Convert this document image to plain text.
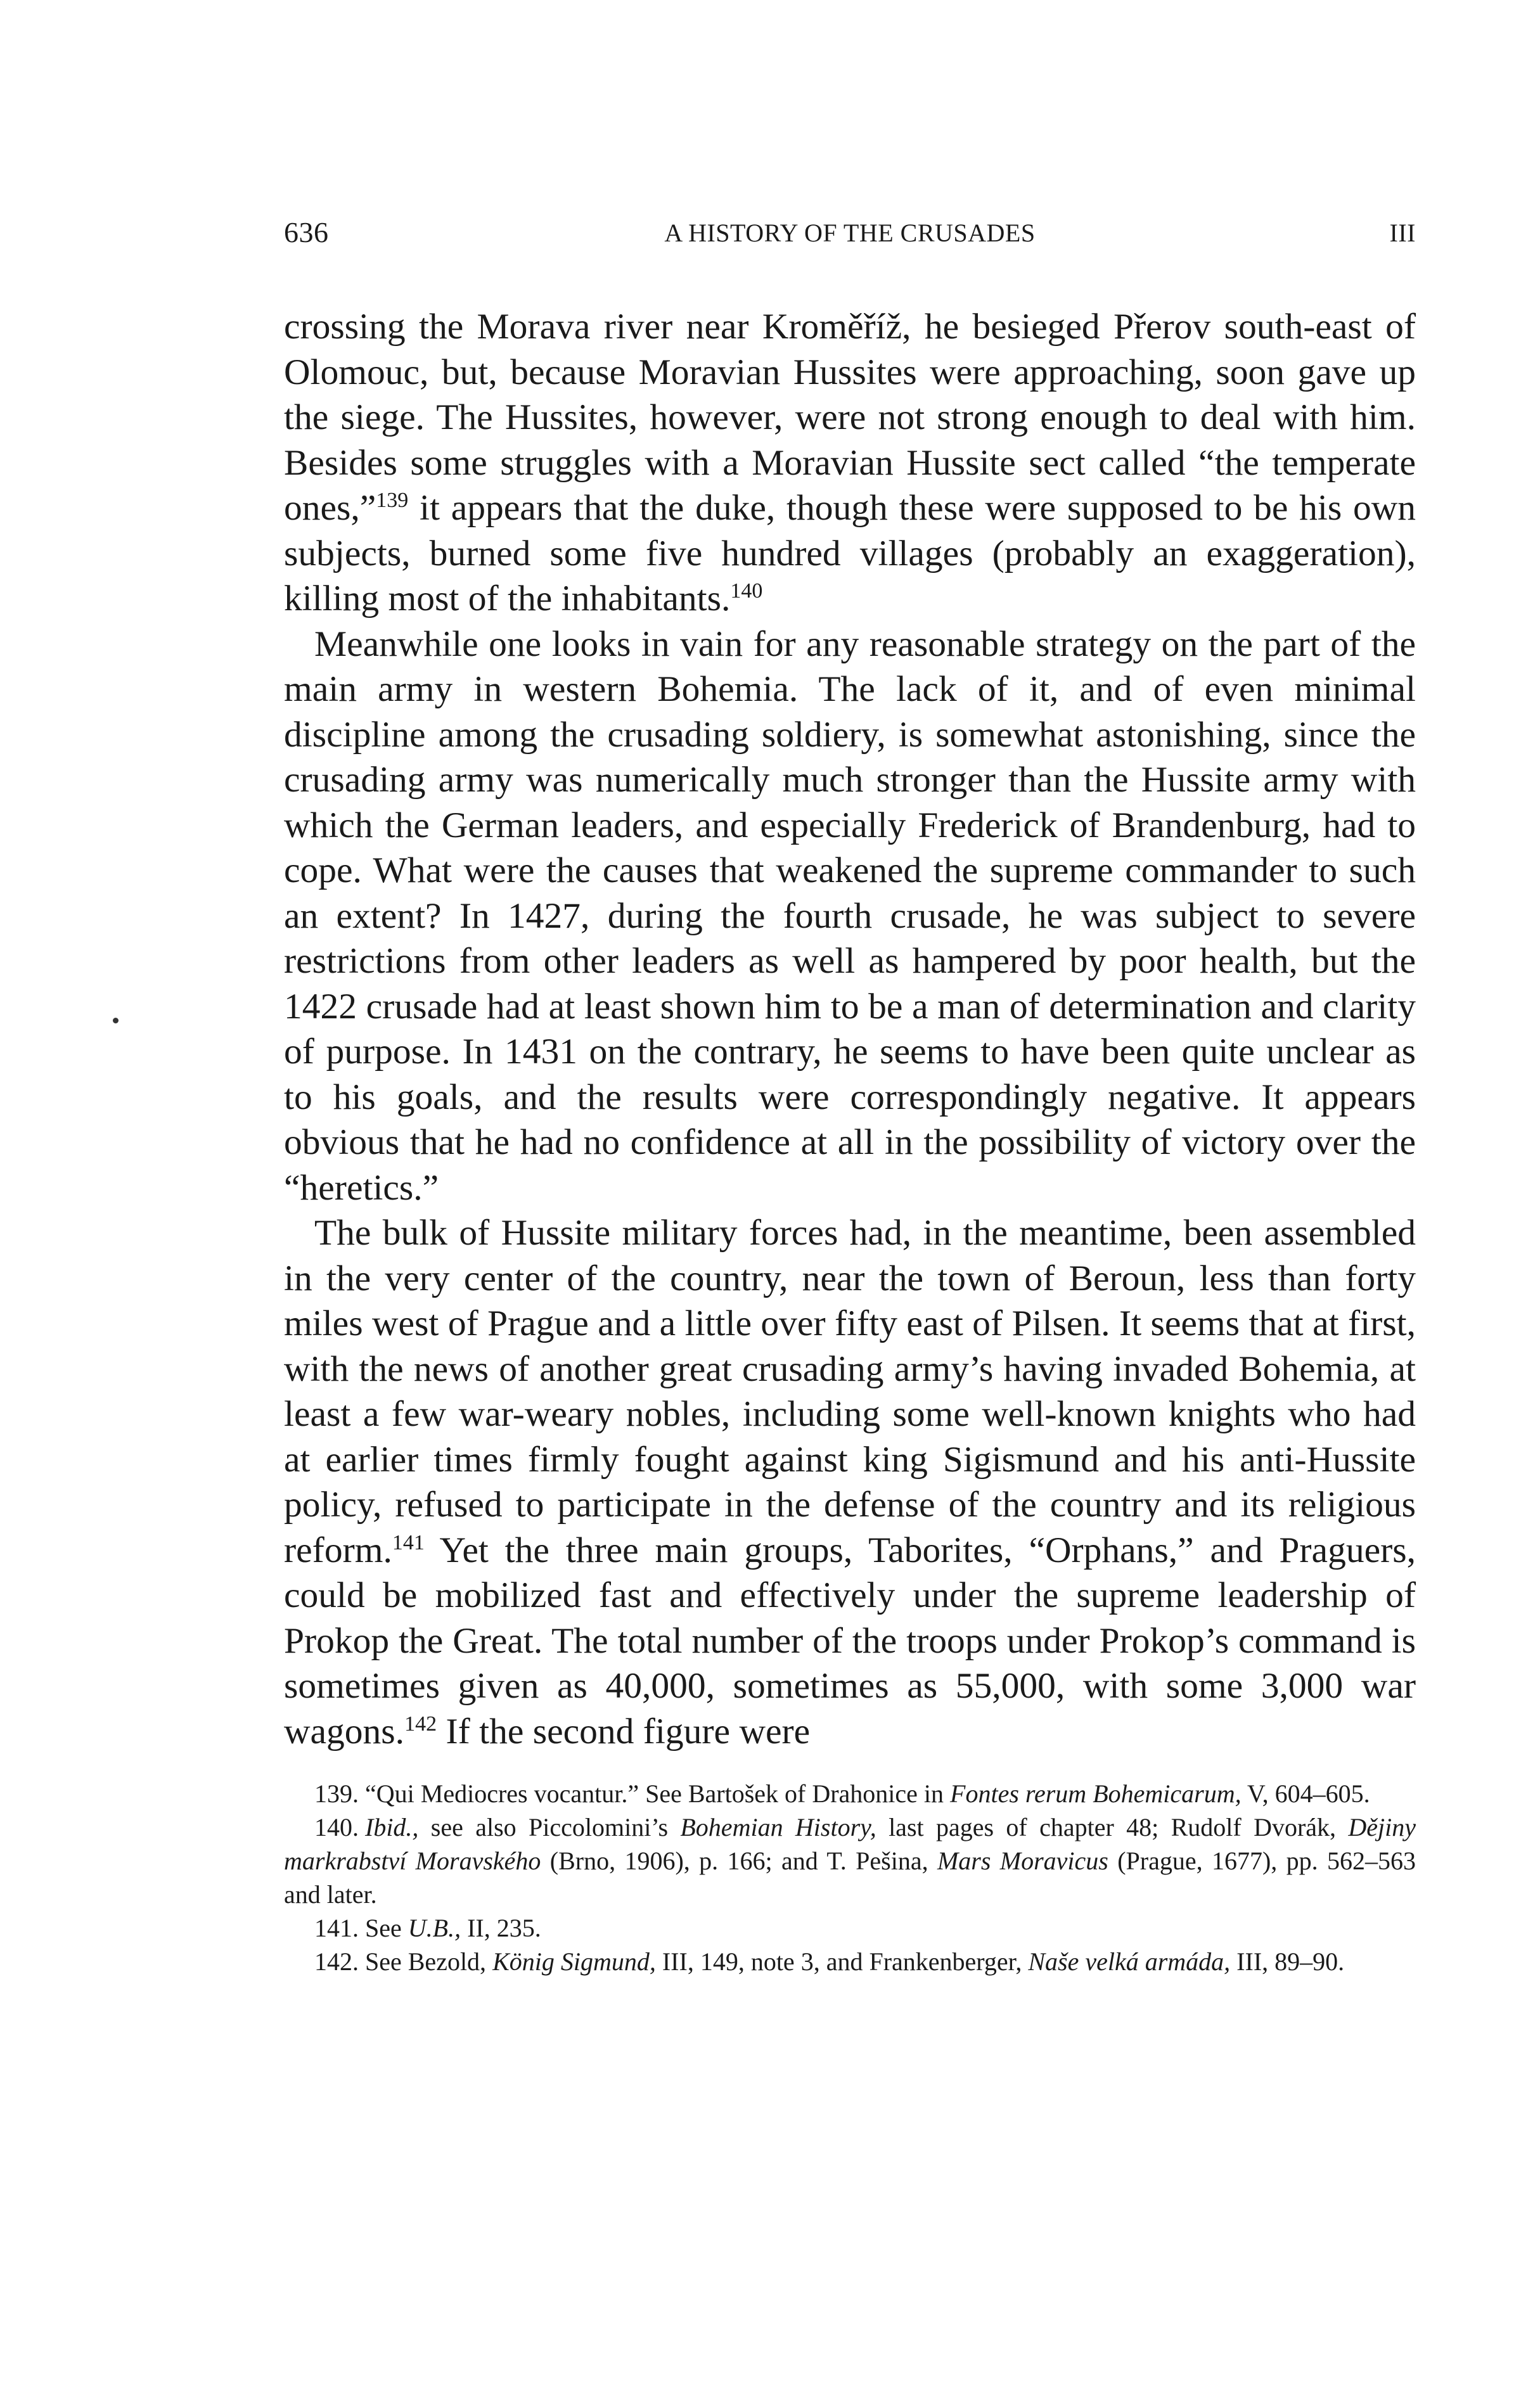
636	A HISTORY OF THE CRUSADES	III

crossing the Morava river near Kroměříž, he besieged Přerov south-east of Olomouc, but, because Moravian Hussites were approaching, soon gave up the siege. The Hussites, however, were not strong enough to deal with him. Besides some struggles with a Moravian Hussite sect called “the temperate ones,”$^{139}$ it appears that the duke, though these were supposed to be his own subjects, burned some five hundred villages (probably an exaggeration), killing most of the inhabitants.$^{140}$

Meanwhile one looks in vain for any reasonable strategy on the part of the main army in western Bohemia. The lack of it, and of even minimal discipline among the crusading soldiery, is somewhat astonishing, since the crusading army was numerically much stronger than the Hussite army with which the German leaders, and especially Frederick of Brandenburg, had to cope. What were the causes that weakened the supreme commander to such an extent? In 1427, during the fourth crusade, he was subject to severe restrictions from other leaders as well as hampered by poor health, but the 1422 crusade had at least shown him to be a man of determination and clarity of purpose. In 1431 on the contrary, he seems to have been quite unclear as to his goals, and the results were correspondingly negative. It appears obvious that he had no confidence at all in the possibility of victory over the “heretics.”

The bulk of Hussite military forces had, in the meantime, been assembled in the very center of the country, near the town of Beroun, less than forty miles west of Prague and a little over fifty east of Pilsen. It seems that at first, with the news of another great crusading army’s having invaded Bohemia, at least a few war-weary nobles, including some well-known knights who had at earlier times firmly fought against king Sigismund and his anti-Hussite policy, refused to participate in the defense of the country and its religious reform.$^{141}$ Yet the three main groups, Taborites, “Orphans,” and Praguers, could be mobilized fast and effectively under the supreme leadership of Prokop the Great. The total number of the troops under Prokop’s command is sometimes given as 40,000, sometimes as 55,000, with some 3,000 war wagons.$^{142}$ If the second figure were

139. “Qui Mediocres vocantur.” See Bartošek of Drahonice in Fontes rerum Bohemicarum, V, 604–605.

140. Ibid., see also Piccolomini’s Bohemian History, last pages of chapter 48; Rudolf Dvorák, Dějiny markrabství Moravského (Brno, 1906), p. 166; and T. Pešina, Mars Moravicus (Prague, 1677), pp. 562–563 and later.

141. See U.B., II, 235.

142. See Bezold, König Sigmund, III, 149, note 3, and Frankenberger, Naše velká armáda, III, 89–90.
